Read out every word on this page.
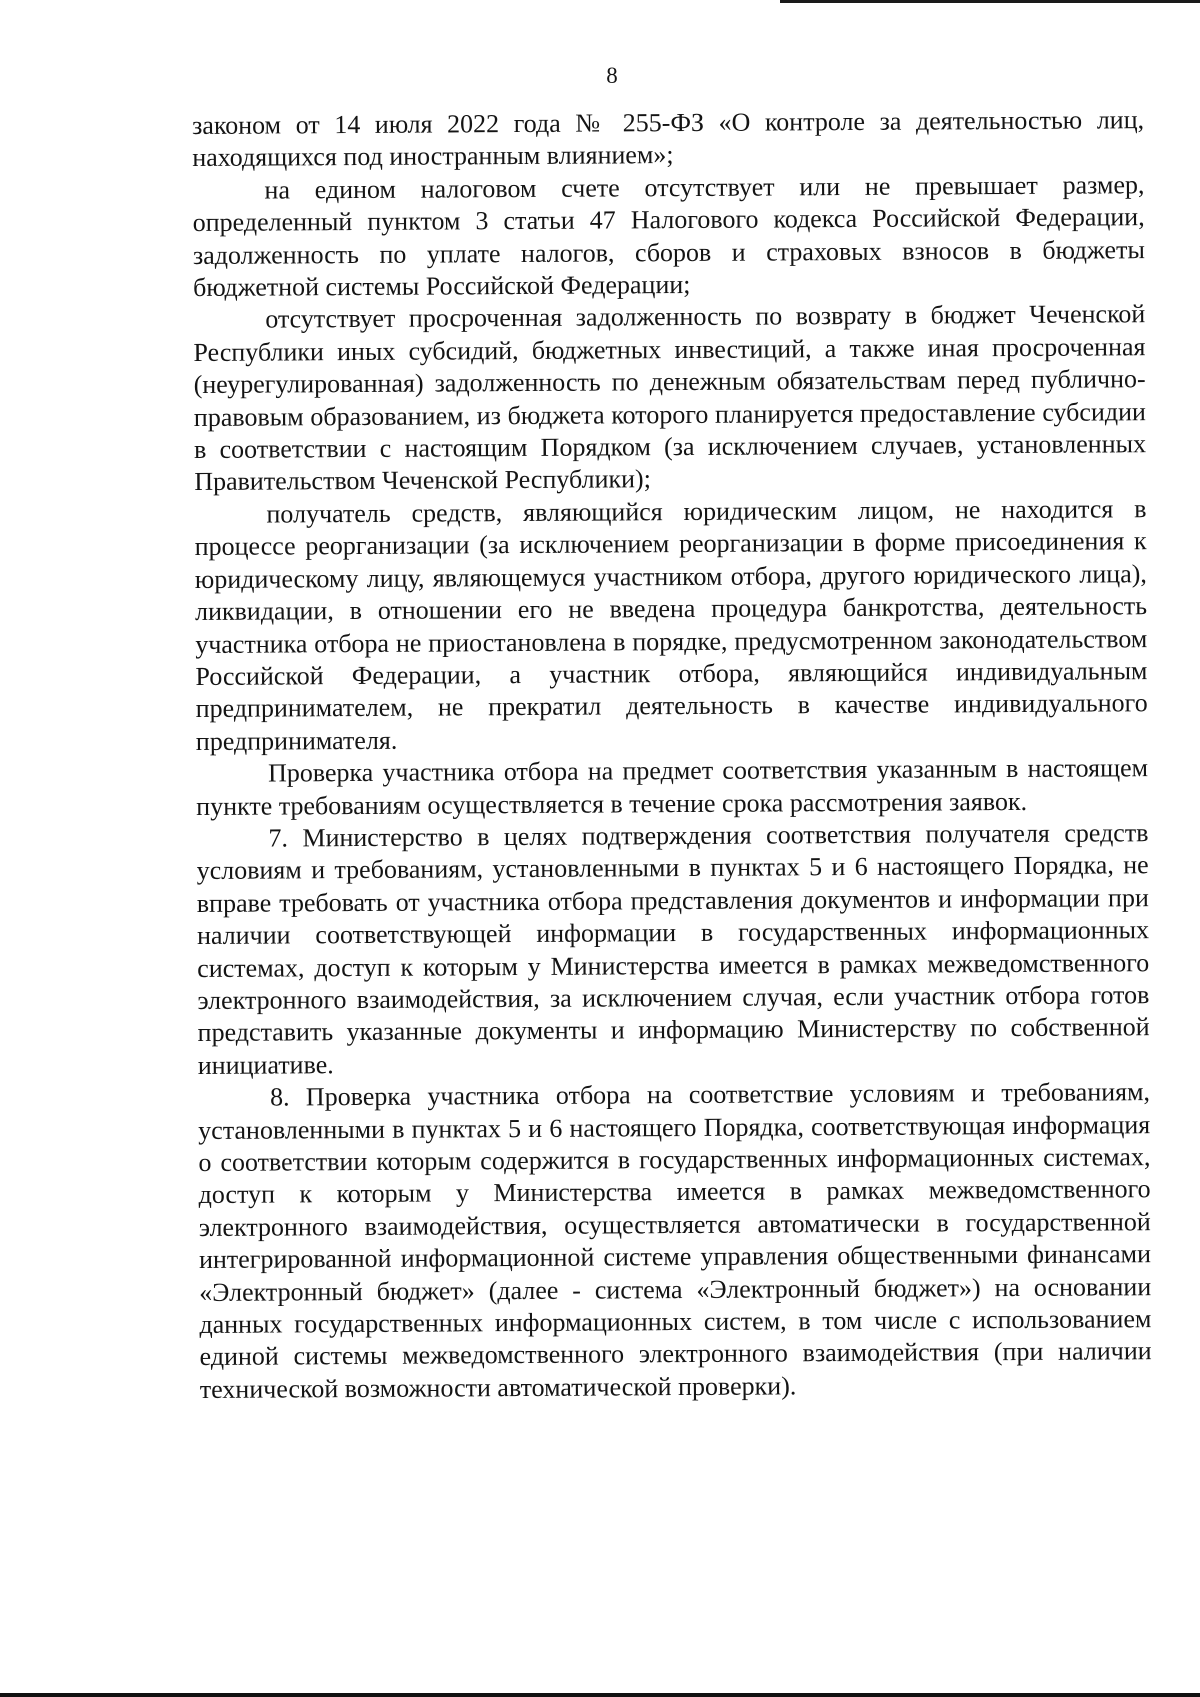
8

законом от 14 июля 2022 года № 255-ФЗ «О контроле за деятельностью лиц, находящихся под иностранным влиянием»;

на едином налоговом счете отсутствует или не превышает размер, определенный пунктом 3 статьи 47 Налогового кодекса Российской Федерации, задолженность по уплате налогов, сборов и страховых взносов в бюджеты бюджетной системы Российской Федерации;

отсутствует просроченная задолженность по возврату в бюджет Чеченской Республики иных субсидий, бюджетных инвестиций, а также иная просроченная (неурегулированная) задолженность по денежным обязательствам перед публично-правовым образованием, из бюджета которого планируется предоставление субсидии в соответствии с настоящим Порядком (за исключением случаев, установленных Правительством Чеченской Республики);

получатель средств, являющийся юридическим лицом, не находится в процессе реорганизации (за исключением реорганизации в форме присоединения к юридическому лицу, являющемуся участником отбора, другого юридического лица), ликвидации, в отношении его не введена процедура банкротства, деятельность участника отбора не приостановлена в порядке, предусмотренном законодательством Российской Федерации, а участник отбора, являющийся индивидуальным предпринимателем, не прекратил деятельность в качестве индивидуального предпринимателя.

Проверка участника отбора на предмет соответствия указанным в настоящем пункте требованиям осуществляется в течение срока рассмотрения заявок.

7. Министерство в целях подтверждения соответствия получателя средств условиям и требованиям, установленными в пунктах 5 и 6 настоящего Порядка, не вправе требовать от участника отбора представления документов и информации при наличии соответствующей информации в государственных информационных системах, доступ к которым у Министерства имеется в рамках межведомственного электронного взаимодействия, за исключением случая, если участник отбора готов представить указанные документы и информацию Министерству по собственной инициативе.

8. Проверка участника отбора на соответствие условиям и требованиям, установленными в пунктах 5 и 6 настоящего Порядка, соответствующая информация о соответствии которым содержится в государственных информационных системах, доступ к которым у Министерства имеется в рамках межведомственного электронного взаимодействия, осуществляется автоматически в государственной интегрированной информационной системе управления общественными финансами «Электронный бюджет» (далее - система «Электронный бюджет») на основании данных государственных информационных систем, в том числе с использованием единой системы межведомственного электронного взаимодействия (при наличии технической возможности автоматической проверки).
